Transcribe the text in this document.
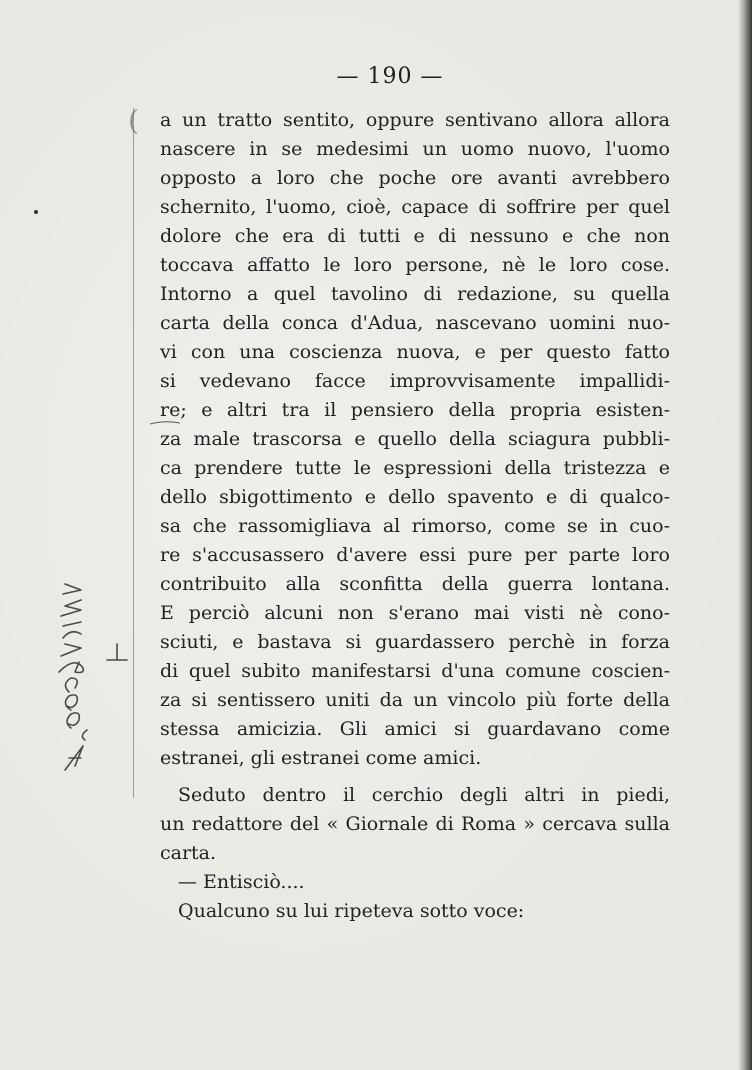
— 190 —
( a un tratto sentito, oppure sentivano allora allora
nascere in se medesimi un uomo nuovo, l'uomo
opposto a loro che poche ore avanti avrebbero
schernito, l'uomo, cioè, capace di soffrire per quel
dolore che era di tutti e di nessuno e che non
toccava affatto le loro persone, nè le loro cose.
Intorno a quel tavolino di redazione, su quella
carta della conca d'Adua, nascevano uomini nuo-
vi con una coscienza nuova, e per questo fatto
si vedevano facce improvvisamente impallidi-
re; e altri tra il pensiero della propria esisten-
za male trascorsa e quello della sciagura pubbli-
ca prendere tutte le espressioni della tristezza e
dello sbigottimento e dello spavento e di qualco-
sa che rassomigliava al rimorso, come se in cuo-
re s'accusassero d'avere essi pure per parte loro
contribuito alla sconfitta della guerra lontana.
E perciò alcuni non s'erano mai visti nè cono-
sciuti, e bastava si guardassero perchè in forza
di quel subito manifestarsi d'una comune coscien-
za si sentissero uniti da un vincolo più forte della
stessa amicizia. Gli amici si guardavano come
estranei, gli estranei come amici.
Seduto dentro il cerchio degli altri in piedi,
un redattore del « Giornale di Roma » cercava sulla
carta.
— Entisciò....
Qualcuno su lui ripeteva sotto voce:
